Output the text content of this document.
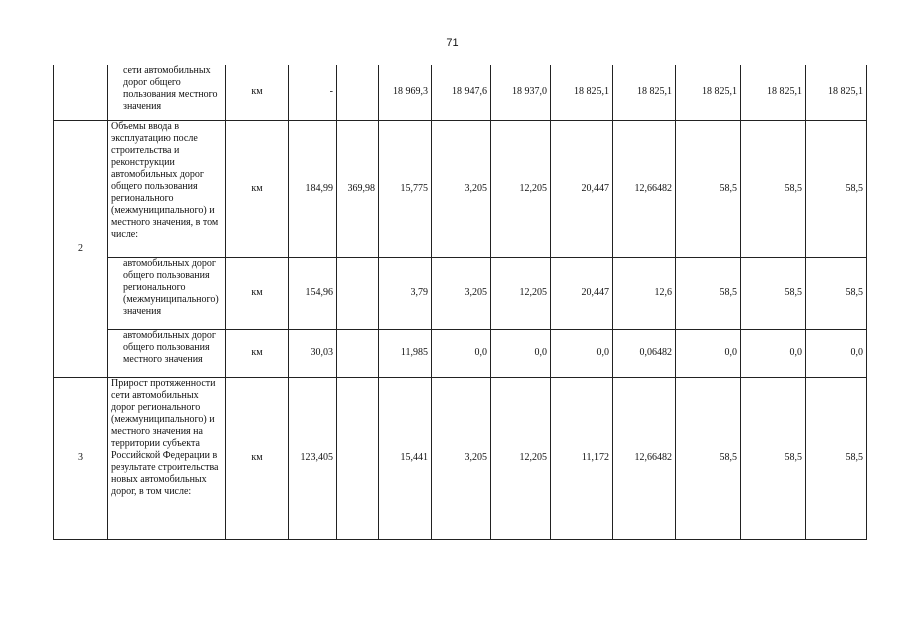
71

	сети автомобильных дорог общего пользования местного значения	км	-		18 969,3	18 947,6	18 937,0	18 825,1	18 825,1	18 825,1	18 825,1	18 825,1
2	Объемы ввода в эксплуатацию после строительства и реконструкции автомобильных дорог общего пользования регионального (межмуниципального) и местного значения, в том числе:	км	184,99	369,98	15,775	3,205	12,205	20,447	12,66482	58,5	58,5	58,5

	автомобильных дорог общего пользования регионального (межмуниципального) значения	км	154,96		3,79	3,205	12,205	20,447	12,6	58,5	58,5	58,5

	автомобильных дорог общего пользования местного значения	км	30,03		11,985	0,0	0,0	0,0	0,06482	0,0	0,0	0,0
3	Прирост протяженности сети автомобильных дорог регионального (межмуниципального) и местного значения на территории субъекта Российской Федерации в результате строительства новых автомобильных дорог, в том числе:	км	123,405		15,441	3,205	12,205	11,172	12,66482	58,5	58,5	58,5
